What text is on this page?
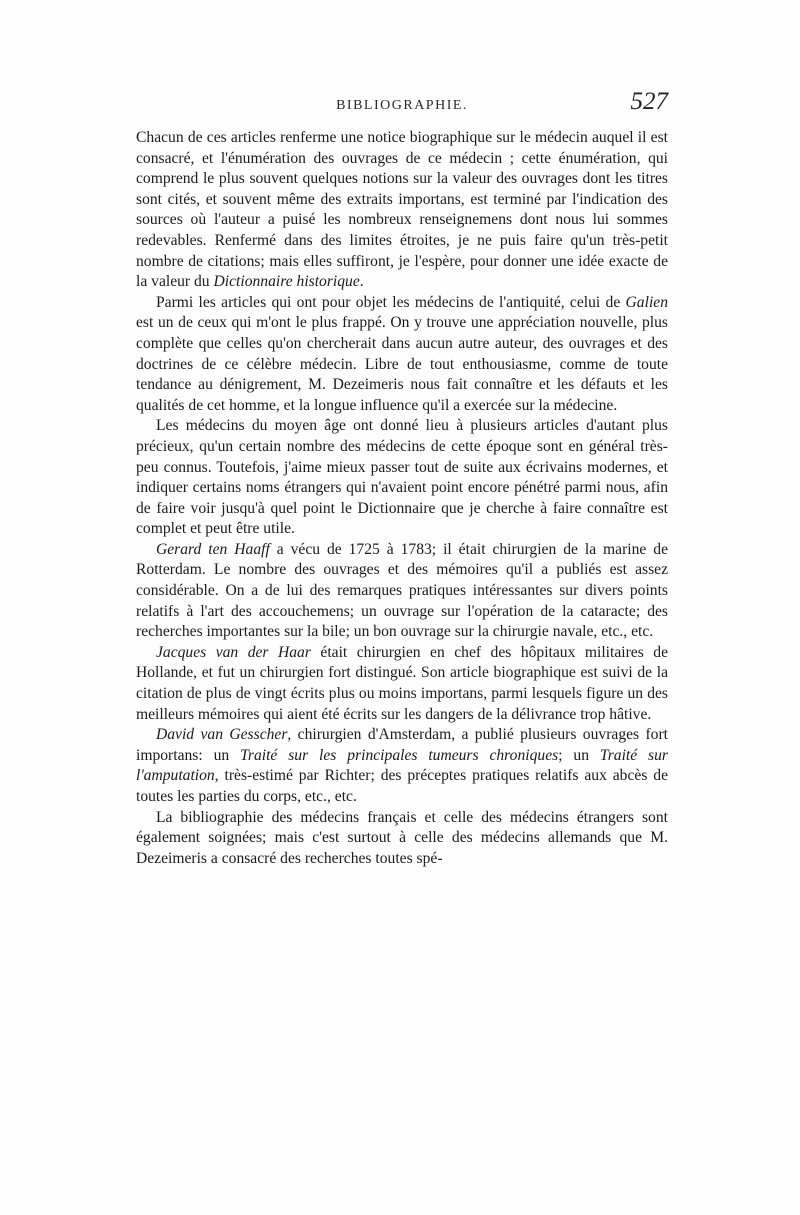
BIBLIOGRAPHIE.	527

Chacun de ces articles renferme une notice biographique sur le médecin auquel il est consacré, et l'énumération des ouvrages de ce médecin ; cette énumération, qui comprend le plus souvent quelques notions sur la valeur des ouvrages dont les titres sont cités, et souvent même des extraits importans, est terminé par l'indication des sources où l'auteur a puisé les nombreux renseignemens dont nous lui sommes redevables. Renfermé dans des limites étroites, je ne puis faire qu'un très-petit nombre de citations; mais elles suffiront, je l'espère, pour donner une idée exacte de la valeur du Dictionnaire historique.

Parmi les articles qui ont pour objet les médecins de l'antiquité, celui de Galien est un de ceux qui m'ont le plus frappé. On y trouve une appréciation nouvelle, plus complète que celles qu'on chercherait dans aucun autre auteur, des ouvrages et des doctrines de ce célèbre médecin. Libre de tout enthousiasme, comme de toute tendance au dénigrement, M. Dezeimeris nous fait connaître et les défauts et les qualités de cet homme, et la longue influence qu'il a exercée sur la médecine.

Les médecins du moyen âge ont donné lieu à plusieurs articles d'autant plus précieux, qu'un certain nombre des médecins de cette époque sont en général très-peu connus. Toutefois, j'aime mieux passer tout de suite aux écrivains modernes, et indiquer certains noms étrangers qui n'avaient point encore pénétré parmi nous, afin de faire voir jusqu'à quel point le Dictionnaire que je cherche à faire connaître est complet et peut être utile.

Gerard ten Haaff a vécu de 1725 à 1783; il était chirurgien de la marine de Rotterdam. Le nombre des ouvrages et des mémoires qu'il a publiés est assez considérable. On a de lui des remarques pratiques intéressantes sur divers points relatifs à l'art des accouchemens; un ouvrage sur l'opération de la cataracte; des recherches importantes sur la bile; un bon ouvrage sur la chirurgie navale, etc., etc.

Jacques van der Haar était chirurgien en chef des hôpitaux militaires de Hollande, et fut un chirurgien fort distingué. Son article biographique est suivi de la citation de plus de vingt écrits plus ou moins importans, parmi lesquels figure un des meilleurs mémoires qui aient été écrits sur les dangers de la délivrance trop hâtive.

David van Gesscher, chirurgien d'Amsterdam, a publié plusieurs ouvrages fort importans: un Traité sur les principales tumeurs chroniques; un Traité sur l'amputation, très-estimé par Richter; des préceptes pratiques relatifs aux abcès de toutes les parties du corps, etc., etc.

La bibliographie des médecins français et celle des médecins étrangers sont également soignées; mais c'est surtout à celle des médecins allemands que M. Dezeimeris a consacré des recherches toutes spé-
